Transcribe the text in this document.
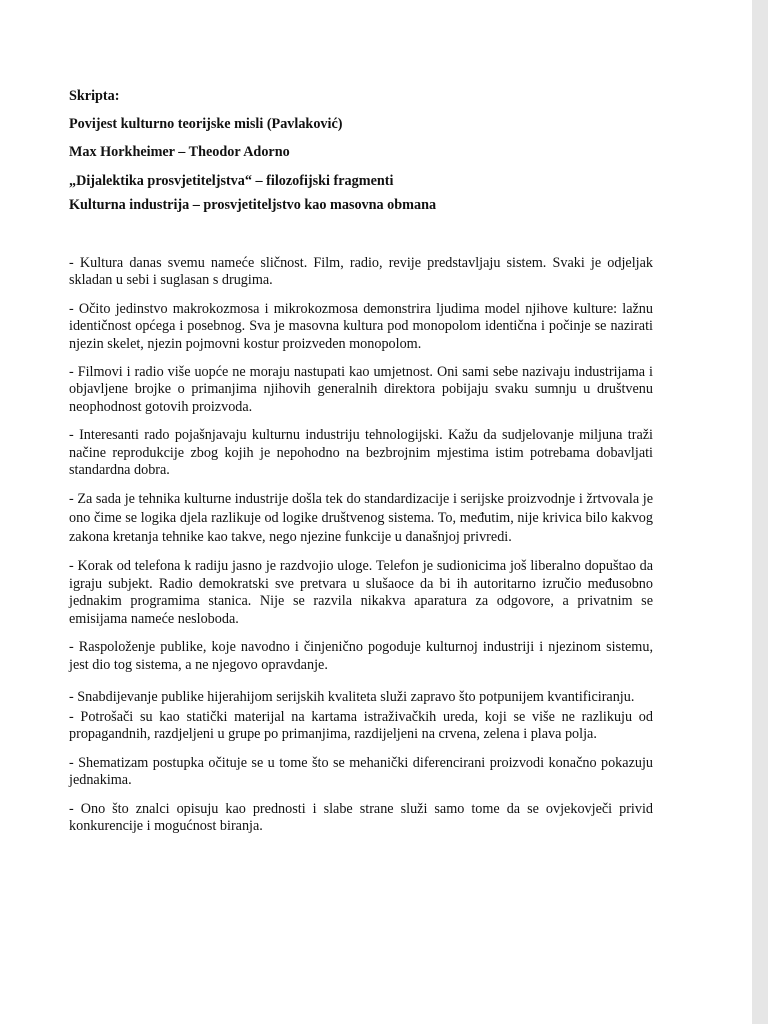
Skripta:

Povijest kulturno teorijske misli (Pavlaković)

Max Horkheimer – Theodor Adorno

„Dijalektika prosvjetiteljstva“ – filozofijski fragmenti

Kulturna industrija – prosvjetiteljstvo kao masovna obmana

- Kultura danas svemu nameće sličnost. Film, radio, revije predstavljaju sistem. Svaki je odjeljak skladan u sebi i suglasan s drugima.

- Očito jedinstvo makrokozmosa i mikrokozmosa demonstrira ljudima model njihove kulture: lažnu identičnost općega i posebnog. Sva je masovna kultura pod monopolom identična i počinje se nazirati njezin skelet, njezin pojmovni kostur proizveden monopolom.

- Filmovi i radio više uopće ne moraju nastupati kao umjetnost. Oni sami sebe nazivaju industrijama i objavljene brojke o primanjima njihovih generalnih direktora pobijaju svaku sumnju u društvenu neophodnost gotovih proizvoda.

- Interesanti rado pojašnjavaju kulturnu industriju tehnologijski. Kažu da sudjelovanje miljuna traži načine reprodukcije zbog kojih je nepohodno na bezbrojnim mjestima istim potrebama dobavljati standardna dobra.

- Za sada je tehnika kulturne industrije došla tek do standardizacije i serijske proizvodnje i žrtvovala je ono čime se logika djela razlikuje od logike društvenog sistema. To, međutim, nije krivica bilo kakvog zakona kretanja tehnike kao takve, nego njezine funkcije u današnjoj privredi.

- Korak od telefona k radiju jasno je razdvojio uloge. Telefon je sudionicima još liberalno dopuštao da igraju subjekt. Radio demokratski sve pretvara u slušaoce da bi ih autoritarno izručio međusobno jednakim programima stanica. Nije se razvila nikakva aparatura za odgovore, a privatnim se emisijama nameće nesloboda.

- Raspoloženje publike, koje navodno i činjenično pogoduje kulturnoj industriji i njezinom sistemu, jest dio tog sistema, a ne njegovo opravdanje.

- Snabdijevanje publike hijerahijom serijskih kvaliteta služi zapravo što potpunijem kvantificiranju.

- Potrošači su kao statički materijal na kartama istraživačkih ureda, koji se više ne razlikuju od propagandnih, razdjeljeni u grupe po primanjima, razdijeljeni na crvena, zelena i plava polja.

- Shematizam postupka očituje se u tome što se mehanički diferencirani proizvodi konačno pokazuju jednakima.

- Ono što znalci opisuju kao prednosti i slabe strane služi samo tome da se ovjekovječi privid konkurencije i mogućnost biranja.
